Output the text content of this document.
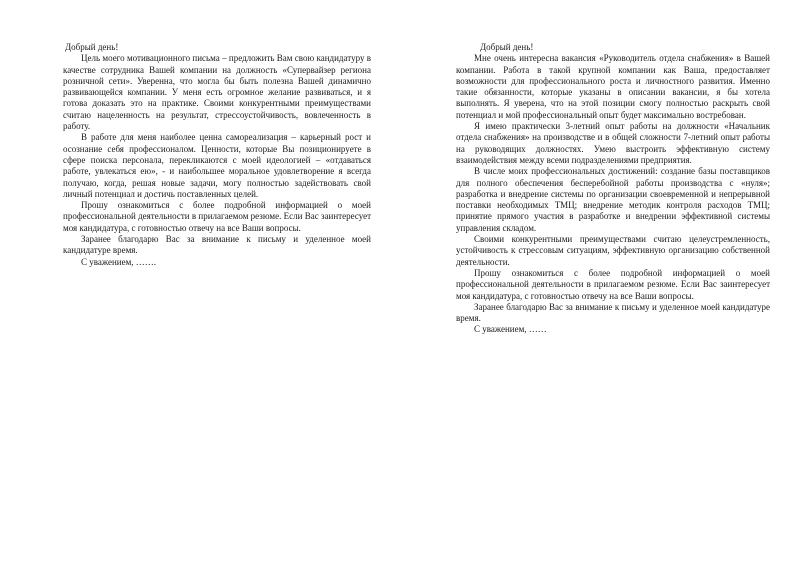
Добрый день!

Цель моего мотивационного письма – предложить Вам свою кандидатуру в качестве сотрудника Вашей компании на должность «Супервайзер региона розничной сети». Уверенна, что могла бы быть полезна Вашей динамично развивающейся компании. У меня есть огромное желание развиваться, и я готова доказать это на практике. Своими конкурентными преимуществами считаю нацеленность на результат, стрессоустойчивость, вовлеченность в работу.

В работе для меня наиболее ценна самореализация – карьерный рост и осознание себя профессионалом. Ценности, которые Вы позиционируете в сфере поиска персонала, перекликаются с моей идеологией – «отдаваться работе, увлекаться ею», - и наибольшее моральное удовлетворение я всегда получаю, когда, решая новые задачи, могу полностью задействовать свой личный потенциал и достичь поставленных целей.

Прошу ознакомиться с более подробной информацией о моей профессиональной деятельности в прилагаемом резюме. Если Вас заинтересует моя кандидатура, с готовностью отвечу на все Ваши вопросы.

Заранее благодарю Вас за внимание к письму и уделенное моей кандидатуре время.

С уважением, …….

Добрый день!

Мне очень интересна вакансия «Руководитель отдела снабжения» в Вашей компании. Работа в такой крупной компании как Ваша, предоставляет возможности для профессионального роста и личностного развития. Именно такие обязанности, которые указаны в описании вакансии, я бы хотела выполнять. Я уверена, что на этой позиции смогу полностью раскрыть свой потенциал и мой профессиональный опыт будет максимально востребован.

Я имею практически 3-летний опыт работы на должности «Начальник отдела снабжения» на производстве и в общей сложности 7-летний опыт работы на руководящих должностях. Умею выстроить эффективную систему взаимодействия между всеми подразделениями предприятия.

В числе моих профессиональных достижений: создание базы поставщиков для полного обеспечения бесперебойной работы производства с «нуля»; разработка и внедрение системы по организации своевременной и непрерывной поставки необходимых ТМЦ; внедрение методик контроля расходов ТМЦ; принятие прямого участия в разработке и внедрении эффективной системы управления складом.

Своими конкурентными преимуществами считаю целеустремленность, устойчивость к стрессовым ситуациям, эффективную организацию собственной деятельности.

Прошу ознакомиться с более подробной информацией о моей профессиональной деятельности в прилагаемом резюме. Если Вас заинтересует моя кандидатура, с готовностью отвечу на все Ваши вопросы.

Заранее благодарю Вас за внимание к письму и уделенное моей кандидатуре время.

С уважением, ……
